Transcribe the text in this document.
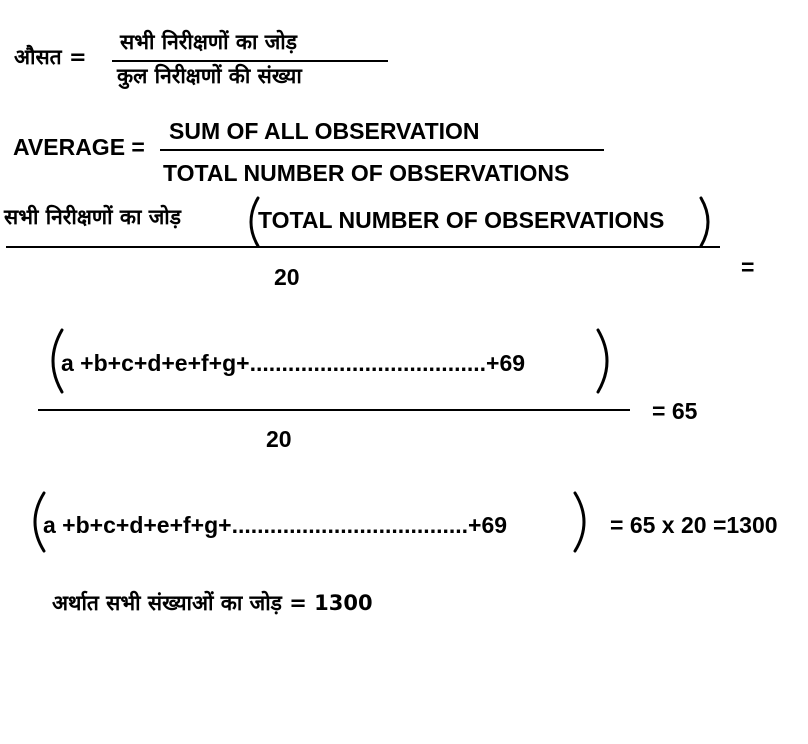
औसत =
सभी निरीक्षणों का जोड़
कुल निरीक्षणों की संख्या
AVERAGE =
SUM OF ALL OBSERVATION
TOTAL NUMBER OF OBSERVATIONS
सभी निरीक्षणों का जोड़	TOTAL NUMBER OF OBSERVATIONS
20	=
a +b+c+d+e+f+g+.....................................+69
20
= 65
a +b+c+d+e+f+g+.....................................+69	= 65 x 20 =1300
अर्थात सभी संख्याओं का जोड़ = 1300
